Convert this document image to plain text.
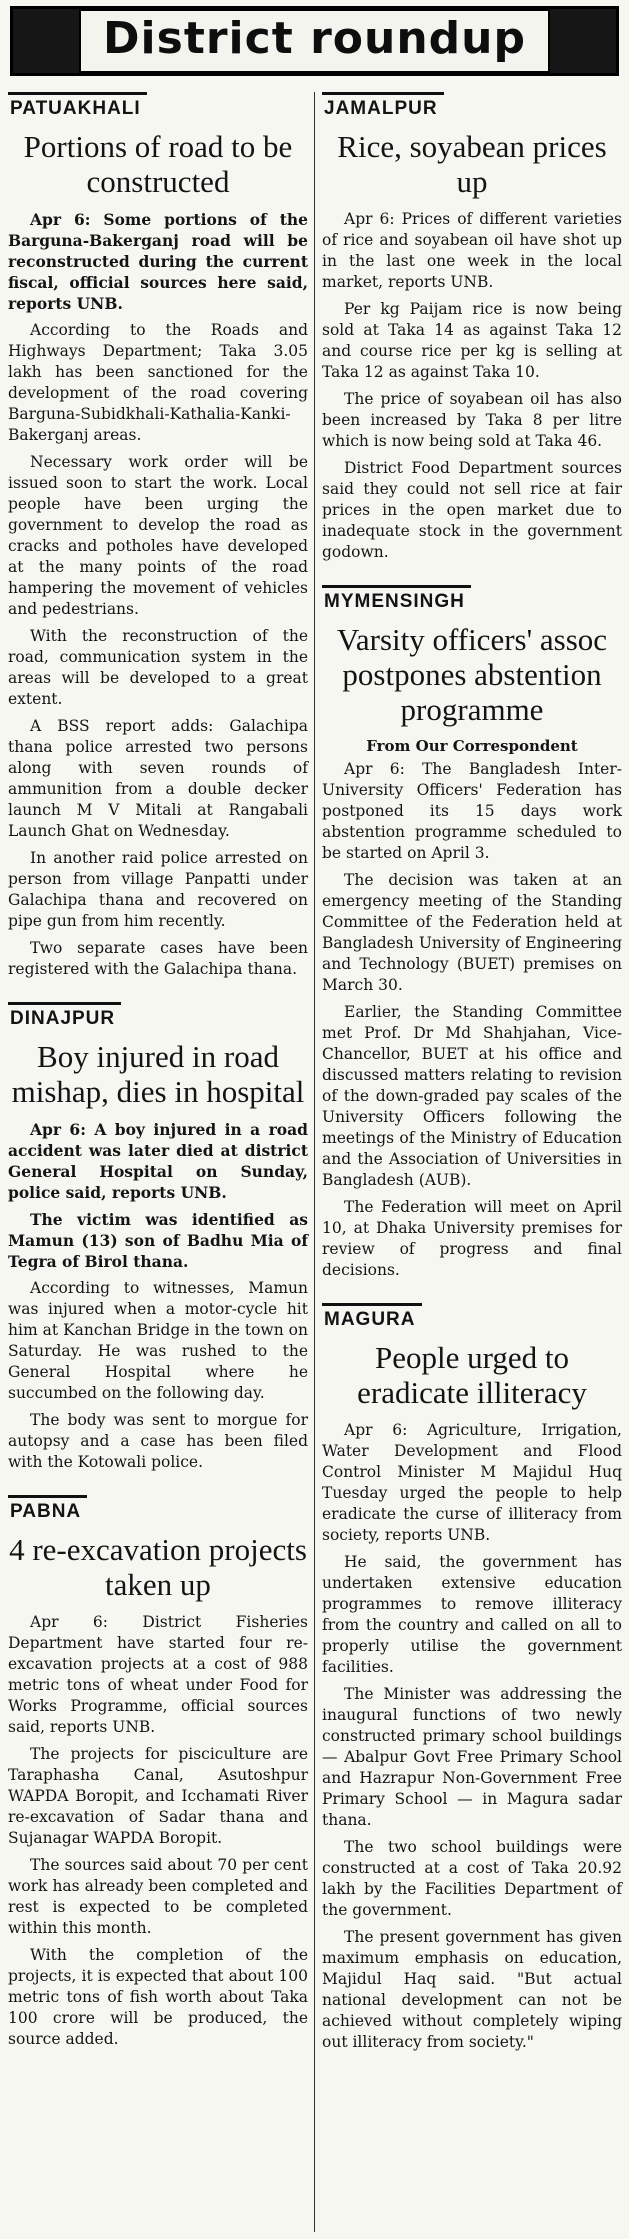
District roundup
PATUAKHALI
Portions of road to be constructed

Apr 6: Some portions of the Barguna-Bakerganj road will be reconstructed during the current fiscal, official sources here said, reports UNB.

According to the Roads and Highways Department; Taka 3.05 lakh has been sanctioned for the development of the road covering Barguna-Subidkhali-Kathalia-Kanki-Bakerganj areas.

Necessary work order will be issued soon to start the work. Local people have been urging the government to develop the road as cracks and potholes have developed at the many points of the road hampering the movement of vehicles and pedestrians.

With the reconstruction of the road, communication system in the areas will be developed to a great extent.

A BSS report adds: Galachipa thana police arrested two persons along with seven rounds of ammunition from a double decker launch M V Mitali at Rangabali Launch Ghat on Wednesday.

In another raid police arrested on person from village Panpatti under Galachipa thana and recovered on pipe gun from him recently.

Two separate cases have been registered with the Galachipa thana.

DINAJPUR
Boy injured in road mishap, dies in hospital

Apr 6: A boy injured in a road accident was later died at district General Hospital on Sunday, police said, reports UNB.

The victim was identified as Mamun (13) son of Badhu Mia of Tegra of Birol thana.

According to witnesses, Mamun was injured when a motor-cycle hit him at Kanchan Bridge in the town on Saturday. He was rushed to the General Hospital where he succumbed on the following day.

The body was sent to morgue for autopsy and a case has been filed with the Kotowali police.

PABNA
4 re-excavation projects taken up

Apr 6: District Fisheries Department have started four re-excavation projects at a cost of 988 metric tons of wheat under Food for Works Programme, official sources said, reports UNB.

The projects for pisciculture are Taraphasha Canal, Asutoshpur WAPDA Boropit, and Icchamati River re-excavation of Sadar thana and Sujanagar WAPDA Boropit.

The sources said about 70 per cent work has already been completed and rest is expected to be completed within this month.

With the completion of the projects, it is expected that about 100 metric tons of fish worth about Taka 100 crore will be produced, the source added.

JAMALPUR
Rice, soyabean prices up

Apr 6: Prices of different varieties of rice and soyabean oil have shot up in the last one week in the local market, reports UNB.

Per kg Paijam rice is now being sold at Taka 14 as against Taka 12 and course rice per kg is selling at Taka 12 as against Taka 10.

The price of soyabean oil has also been increased by Taka 8 per litre which is now being sold at Taka 46.

District Food Department sources said they could not sell rice at fair prices in the open market due to inadequate stock in the government godown.

MYMENSINGH
Varsity officers' assoc postpones abstention programme
From Our Correspondent

Apr 6: The Bangladesh Inter-University Officers' Federation has postponed its 15 days work abstention programme scheduled to be started on April 3.

The decision was taken at an emergency meeting of the Standing Committee of the Federation held at Bangladesh University of Engineering and Technology (BUET) premises on March 30.

Earlier, the Standing Committee met Prof. Dr Md Shahjahan, Vice-Chancellor, BUET at his office and discussed matters relating to revision of the down-graded pay scales of the University Officers following the meetings of the Ministry of Education and the Association of Universities in Bangladesh (AUB).

The Federation will meet on April 10, at Dhaka University premises for review of progress and final decisions.

MAGURA
People urged to eradicate illiteracy

Apr 6: Agriculture, Irrigation, Water Development and Flood Control Minister M Majidul Huq Tuesday urged the people to help eradicate the curse of illiteracy from society, reports UNB.

He said, the government has undertaken extensive education programmes to remove illiteracy from the country and called on all to properly utilise the government facilities.

The Minister was addressing the inaugural functions of two newly constructed primary school buildings — Abalpur Govt Free Primary School and Hazrapur Non-Government Free Primary School — in Magura sadar thana.

The two school buildings were constructed at a cost of Taka 20.92 lakh by the Facilities Department of the government.

The present government has given maximum emphasis on education, Majidul Haq said. "But actual national development can not be achieved without completely wiping out illiteracy from society."
